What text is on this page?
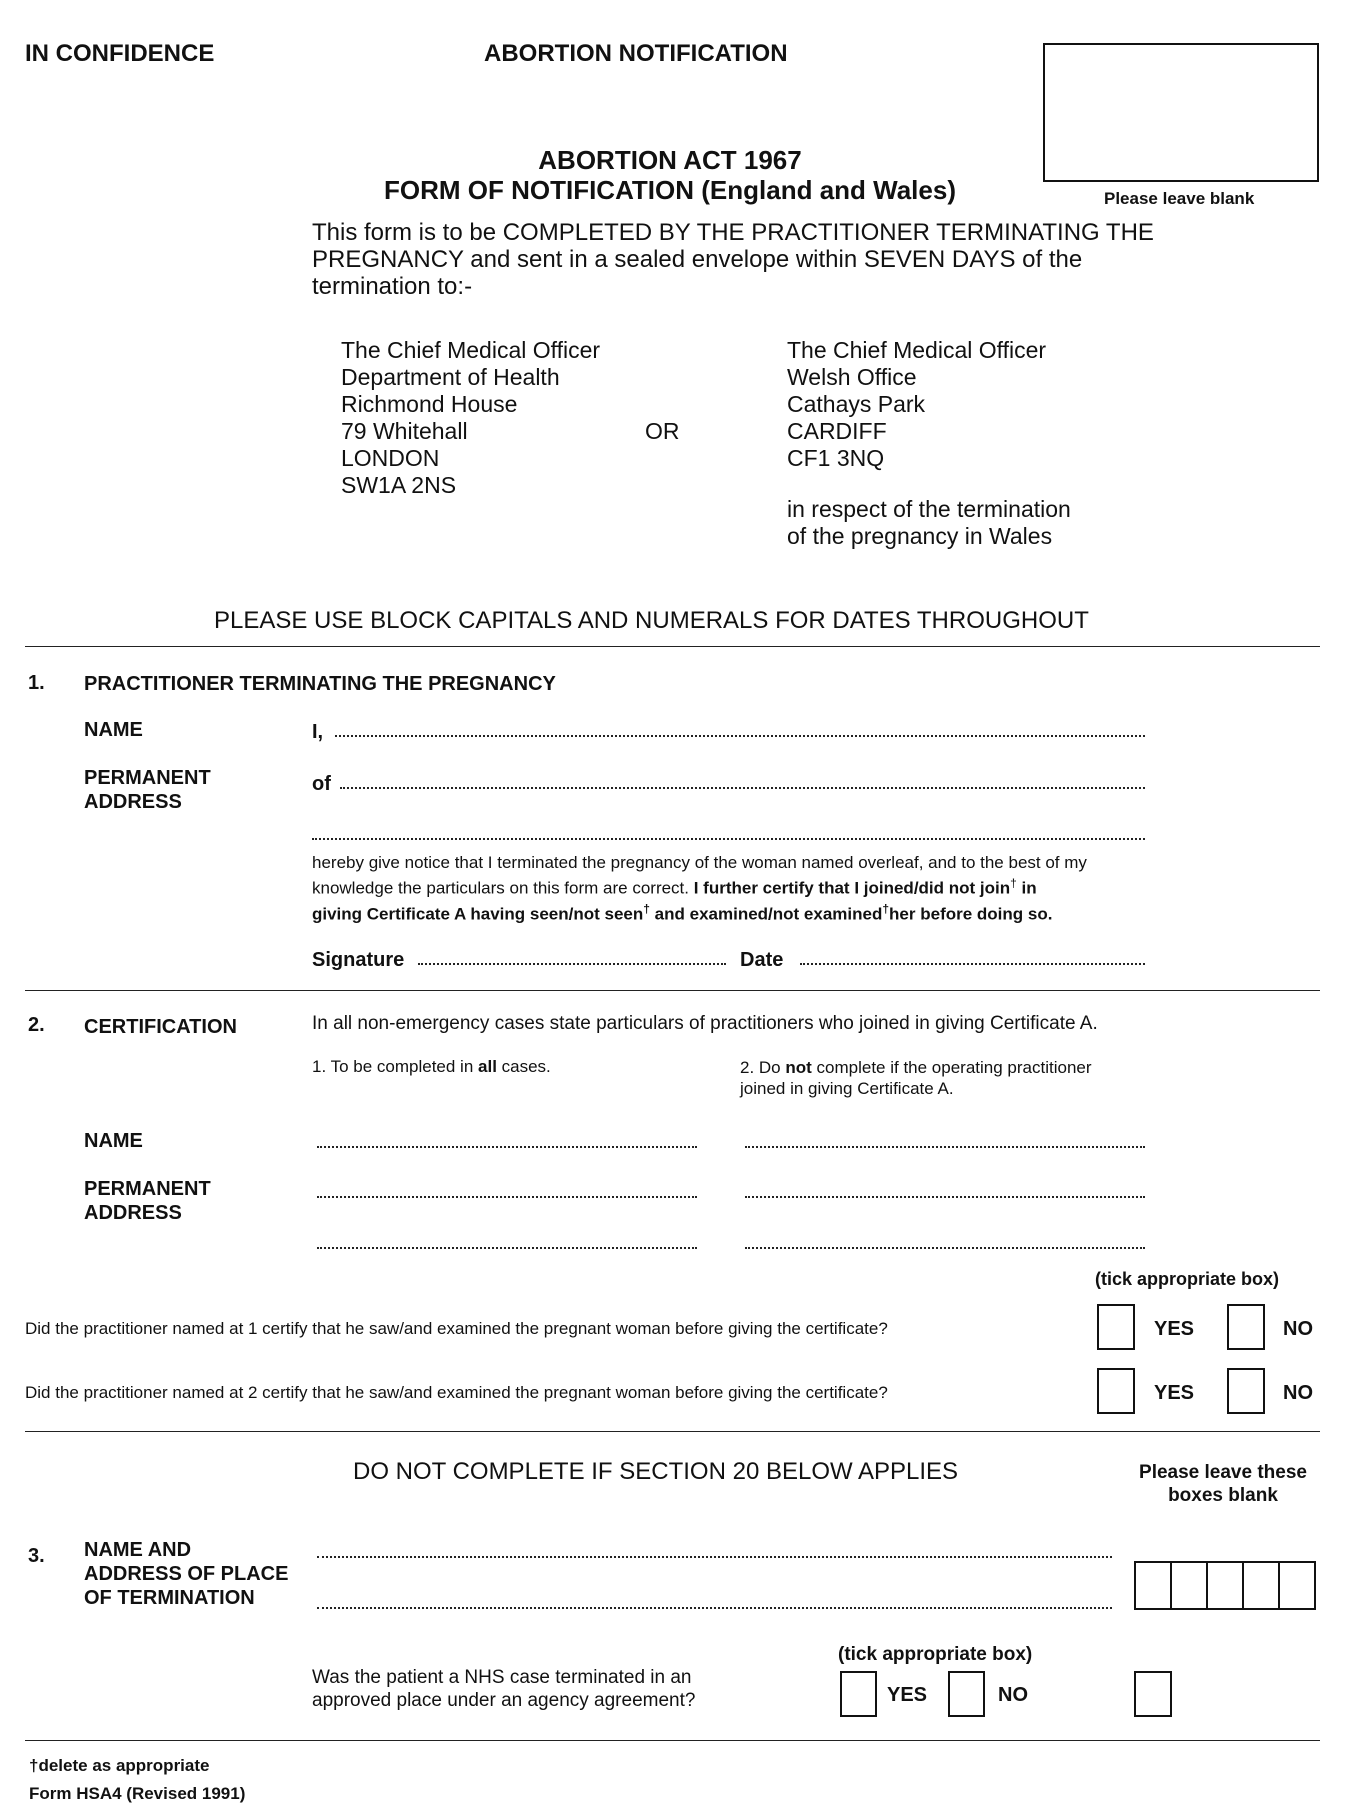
IN CONFIDENCE	ABORTION NOTIFICATION
Please leave blank
ABORTION ACT 1967
FORM OF NOTIFICATION (England and Wales)
This form is to be COMPLETED BY THE PRACTITIONER TERMINATING THE
PREGNANCY and sent in a sealed envelope within SEVEN DAYS of the
termination to:-
The Chief Medical Officer
Department of Health
Richmond House
79 Whitehall
LONDON
SW1A 2NS
OR
The Chief Medical Officer
Welsh Office
Cathays Park
CARDIFF
CF1 3NQ
in respect of the termination
of the pregnancy in Wales
PLEASE USE BLOCK CAPITALS AND NUMERALS FOR DATES THROUGHOUT
1. PRACTITIONER TERMINATING THE PREGNANCY
NAME	I,
PERMANENT
ADDRESS
of
hereby give notice that I terminated the pregnancy of the woman named overleaf, and to the best of my
knowledge the particulars on this form are correct. I further certify that I joined/did not join† in
giving Certificate A having seen/not seen† and examined/not examined†her before doing so.
Signature	Date
2. CERTIFICATION	In all non-emergency cases state particulars of practitioners who joined in giving Certificate A.
1. To be completed in all cases.	2. Do not complete if the operating practitioner
joined in giving Certificate A.
NAME
PERMANENT
ADDRESS
(tick appropriate box)
Did the practitioner named at 1 certify that he saw/and examined the pregnant woman before giving the certificate?	YES	NO
Did the practitioner named at 2 certify that he saw/and examined the pregnant woman before giving the certificate?	YES	NO
DO NOT COMPLETE IF SECTION 20 BELOW APPLIES	Please leave these
boxes blank
3. NAME AND
ADDRESS OF PLACE
OF TERMINATION
Was the patient a NHS case terminated in an
approved place under an agency agreement?
(tick appropriate box)
YES	NO
†delete as appropriate
Form HSA4 (Revised 1991)
